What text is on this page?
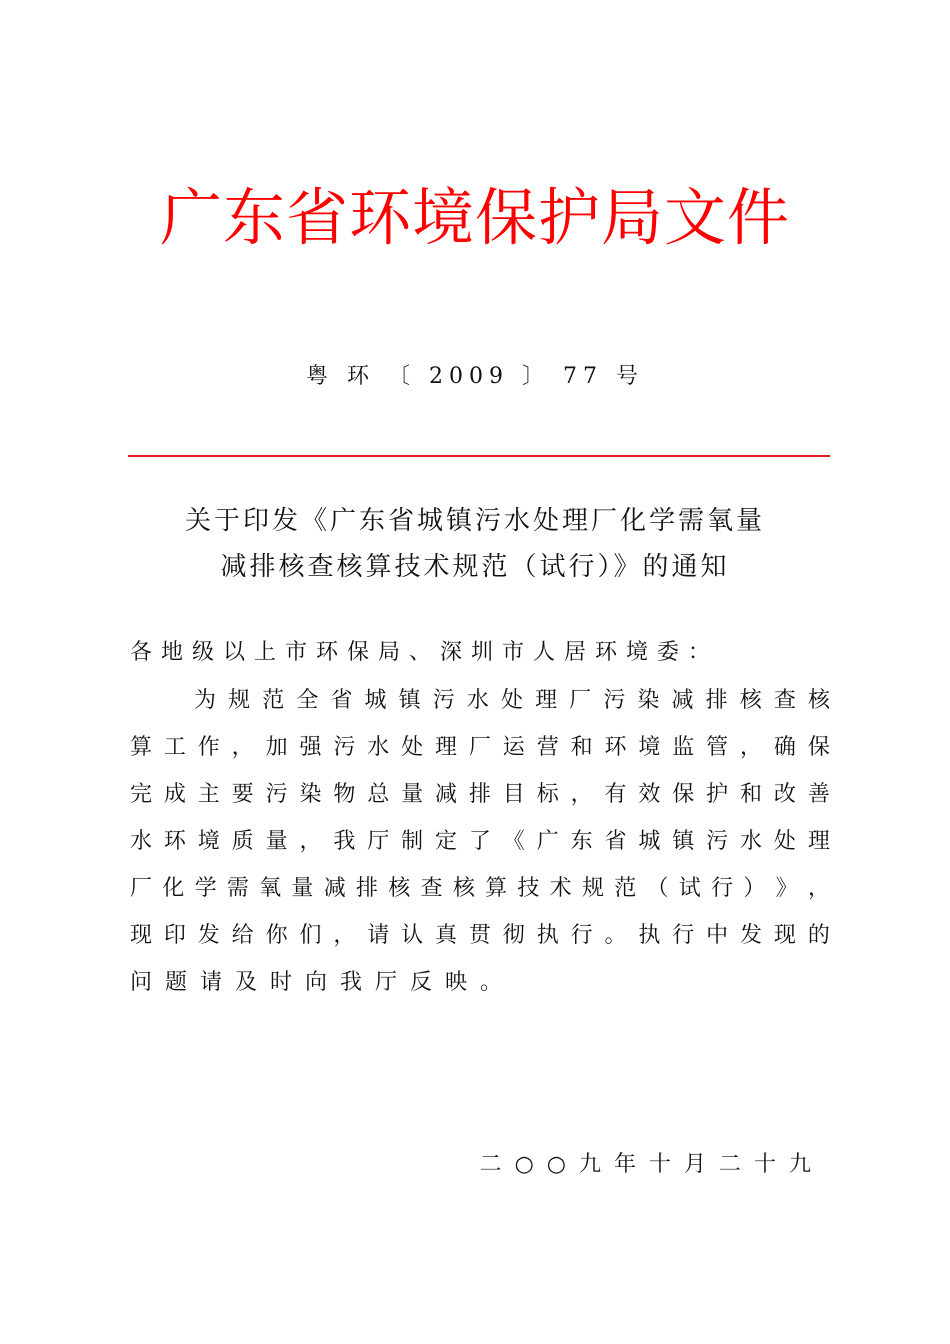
广东省环境保护局文件
粤 环 〔 2009 〕 77 号
关于印发《广东省城镇污水处理厂化学需氧量
减排核查核算技术规范（试行）》的通知
各地级以上市环保局、深圳市人居环境委：
为 规 范 全 省 城 镇 污 水 处 理 厂 污 染 减 排 核 查 核
算 工 作 ， 加 强 污 水 处 理 厂 运 营 和 环 境 监 管 ， 确 保
完 成 主 要 污 染 物 总 量 减 排 目 标 ， 有 效 保 护 和 改 善
水 环 境 质 量 ， 我 厅 制 定 了 《 广 东 省 城 镇 污 水 处 理
厂 化 学 需 氧 量 减 排 核 查 核 算 技 术 规 范 （ 试 行 ） 》 ，
现 印 发 给 你 们 ， 请 认 真 贯 彻 执 行 。 执 行 中 发 现 的
问题请及时向我厅反映。
二○○九年十月二十九
